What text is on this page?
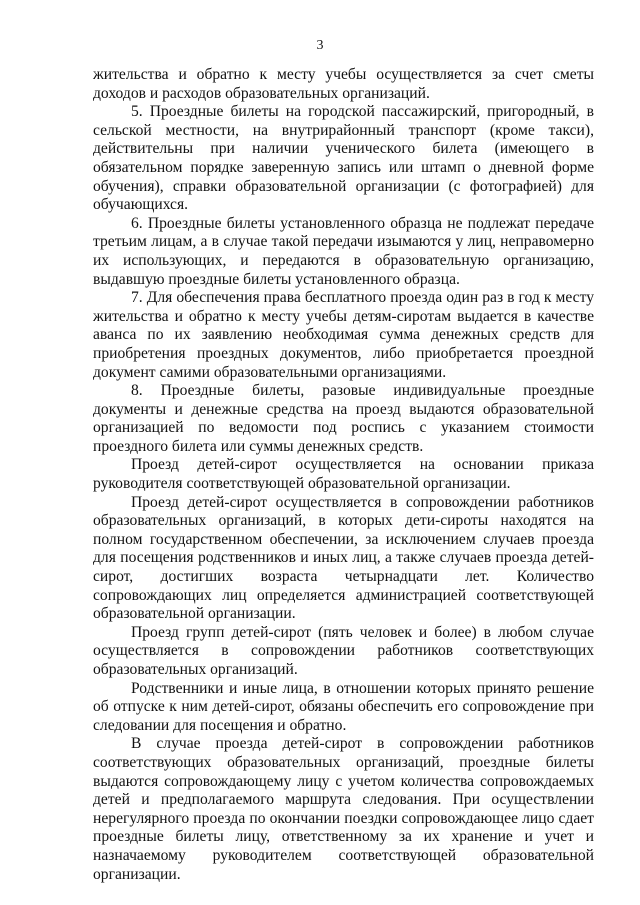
3

жительства и обратно к месту учебы осуществляется за счет сметы доходов и расходов образовательных организаций.

5. Проездные билеты на городской пассажирский, пригородный, в сельской местности, на внутрирайонный транспорт (кроме такси), действительны при наличии ученического билета (имеющего в обязательном порядке заверенную запись или штамп о дневной форме обучения), справки образовательной организации (с фотографией) для обучающихся.

6. Проездные билеты установленного образца не подлежат передаче третьим лицам, а в случае такой передачи изымаются у лиц, неправомерно их использующих, и передаются в образовательную организацию, выдавшую проездные билеты установленного образца.

7. Для обеспечения права бесплатного проезда один раз в год к месту жительства и обратно к месту учебы детям-сиротам выдается в качестве аванса по их заявлению необходимая сумма денежных средств для приобретения проездных документов, либо приобретается проездной документ самими образовательными организациями.

8. Проездные билеты, разовые индивидуальные проездные документы и денежные средства на проезд выдаются образовательной организацией по ведомости под роспись с указанием стоимости проездного билета или суммы денежных средств.

Проезд детей-сирот осуществляется на основании приказа руководителя соответствующей образовательной организации.

Проезд детей-сирот осуществляется в сопровождении работников образовательных организаций, в которых дети-сироты находятся на полном государственном обеспечении, за исключением случаев проезда для посещения родственников и иных лиц, а также случаев проезда детей-сирот, достигших возраста четырнадцати лет. Количество сопровождающих лиц определяется администрацией соответствующей образовательной организации.

Проезд групп детей-сирот (пять человек и более) в любом случае осуществляется в сопровождении работников соответствующих образовательных организаций.

Родственники и иные лица, в отношении которых принято решение об отпуске к ним детей-сирот, обязаны обеспечить его сопровождение при следовании для посещения и обратно.

В случае проезда детей-сирот в сопровождении работников соответствующих образовательных организаций, проездные билеты выдаются сопровождающему лицу с учетом количества сопровождаемых детей и предполагаемого маршрута следования. При осуществлении нерегулярного проезда по окончании поездки сопровождающее лицо сдает проездные билеты лицу, ответственному за их хранение и учет и назначаемому руководителем соответствующей образовательной организации.
